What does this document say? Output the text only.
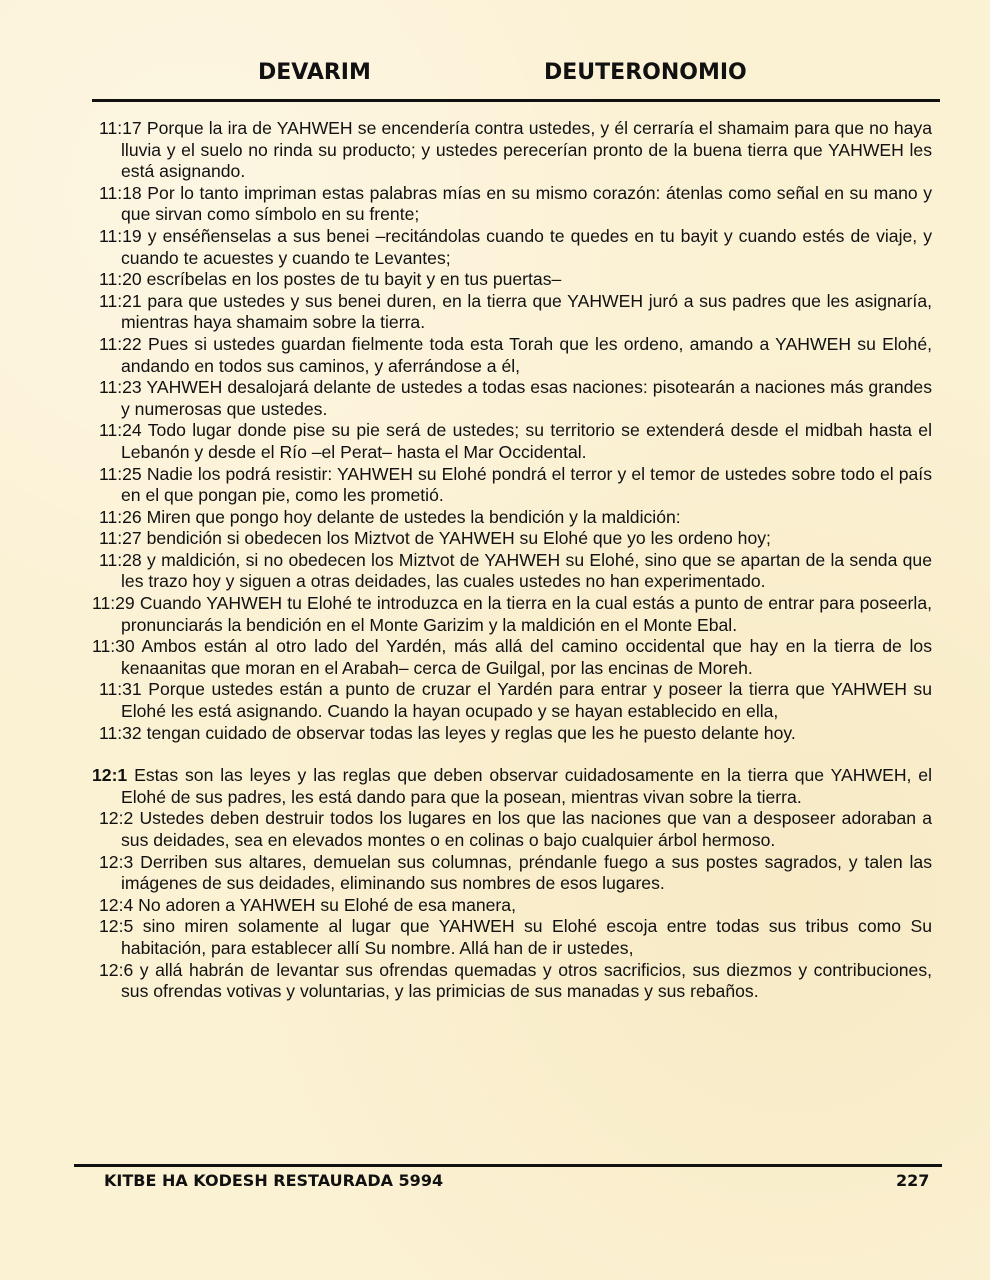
DEVARIM	DEUTERONOMIO

11:17 Porque la ira de YAHWEH se encendería contra ustedes, y él cerraría el shamaim para que no haya lluvia y el suelo no rinda su producto; y ustedes perecerían pronto de la buena tierra que YAHWEH les está asignando.

11:18 Por lo tanto impriman estas palabras mías en su mismo corazón: átenlas como señal en su mano y que sirvan como símbolo en su frente;

11:19 y enséñenselas a sus benei –recitándolas cuando te quedes en tu bayit y cuando estés de viaje, y cuando te acuestes y cuando te Levantes;

11:20 escríbelas en los postes de tu bayit y en tus puertas–

11:21 para que ustedes y sus benei duren, en la tierra que YAHWEH juró a sus padres que les asignaría, mientras haya shamaim sobre la tierra.

11:22 Pues si ustedes guardan fielmente toda esta Torah que les ordeno, amando a YAHWEH su Elohé, andando en todos sus caminos, y aferrándose a él,

11:23 YAHWEH desalojará delante de ustedes a todas esas naciones: pisotearán a naciones más grandes y numerosas que ustedes.

11:24 Todo lugar donde pise su pie será de ustedes; su territorio se extenderá desde el midbah hasta el Lebanón y desde el Río –el Perat– hasta el Mar Occidental.

11:25 Nadie los podrá resistir: YAHWEH su Elohé pondrá el terror y el temor de ustedes sobre todo el país en el que pongan pie, como les prometió.

11:26 Miren que pongo hoy delante de ustedes la bendición y la maldición:

11:27 bendición si obedecen los Miztvot de YAHWEH su Elohé que yo les ordeno hoy;

11:28 y maldición, si no obedecen los Miztvot de YAHWEH su Elohé, sino que se apartan de la senda que les trazo hoy y siguen a otras deidades, las cuales ustedes no han experimentado.

11:29 Cuando YAHWEH tu Elohé te introduzca en la tierra en la cual estás a punto de entrar para poseerla, pronunciarás la bendición en el Monte Garizim y la maldición en el Monte Ebal.

11:30 Ambos están al otro lado del Yardén, más allá del camino occidental que hay en la tierra de los kenaanitas que moran en el Arabah– cerca de Guilgal, por las encinas de Moreh.

11:31 Porque ustedes están a punto de cruzar el Yardén para entrar y poseer la tierra que YAHWEH su Elohé les está asignando. Cuando la hayan ocupado y se hayan establecido en ella,

11:32 tengan cuidado de observar todas las leyes y reglas que les he puesto delante hoy.

12:1 Estas son las leyes y las reglas que deben observar cuidadosamente en la tierra que YAHWEH, el Elohé de sus padres, les está dando para que la posean, mientras vivan sobre la tierra.

12:2 Ustedes deben destruir todos los lugares en los que las naciones que van a desposeer adoraban a sus deidades, sea en elevados montes o en colinas o bajo cualquier árbol hermoso.

12:3 Derriben sus altares, demuelan sus columnas, préndanle fuego a sus postes sagrados, y talen las imágenes de sus deidades, eliminando sus nombres de esos lugares.

12:4 No adoren a YAHWEH su Elohé de esa manera,

12:5 sino miren solamente al lugar que YAHWEH su Elohé escoja entre todas sus tribus como Su habitación, para establecer allí Su nombre. Allá han de ir ustedes,

12:6 y allá habrán de levantar sus ofrendas quemadas y otros sacrificios, sus diezmos y contribuciones, sus ofrendas votivas y voluntarias, y las primicias de sus manadas y sus rebaños.

KITBE HA KODESH RESTAURADA 5994	227
